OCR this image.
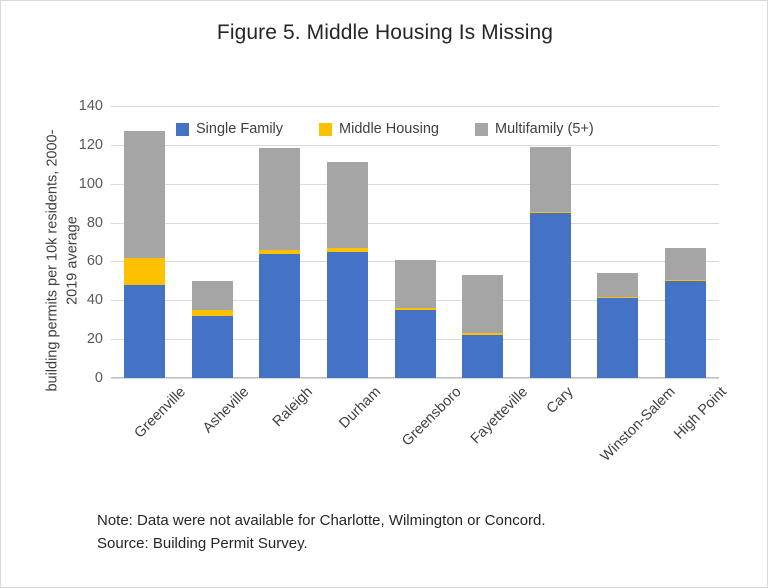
Figure 5. Middle Housing Is Missing
building permits per 10k residents, 2000-2019 average
0
20
40
60
80
100
120
140
Greenville Asheville Raleigh Durham Greensboro Fayetteville Cary Winston-Salem
High Point
Single Family	Middle Housing	Multifamily (5+)
Note: Data were not available for Charlotte, Wilmington or Concord.
Source: Building Permit Survey.
